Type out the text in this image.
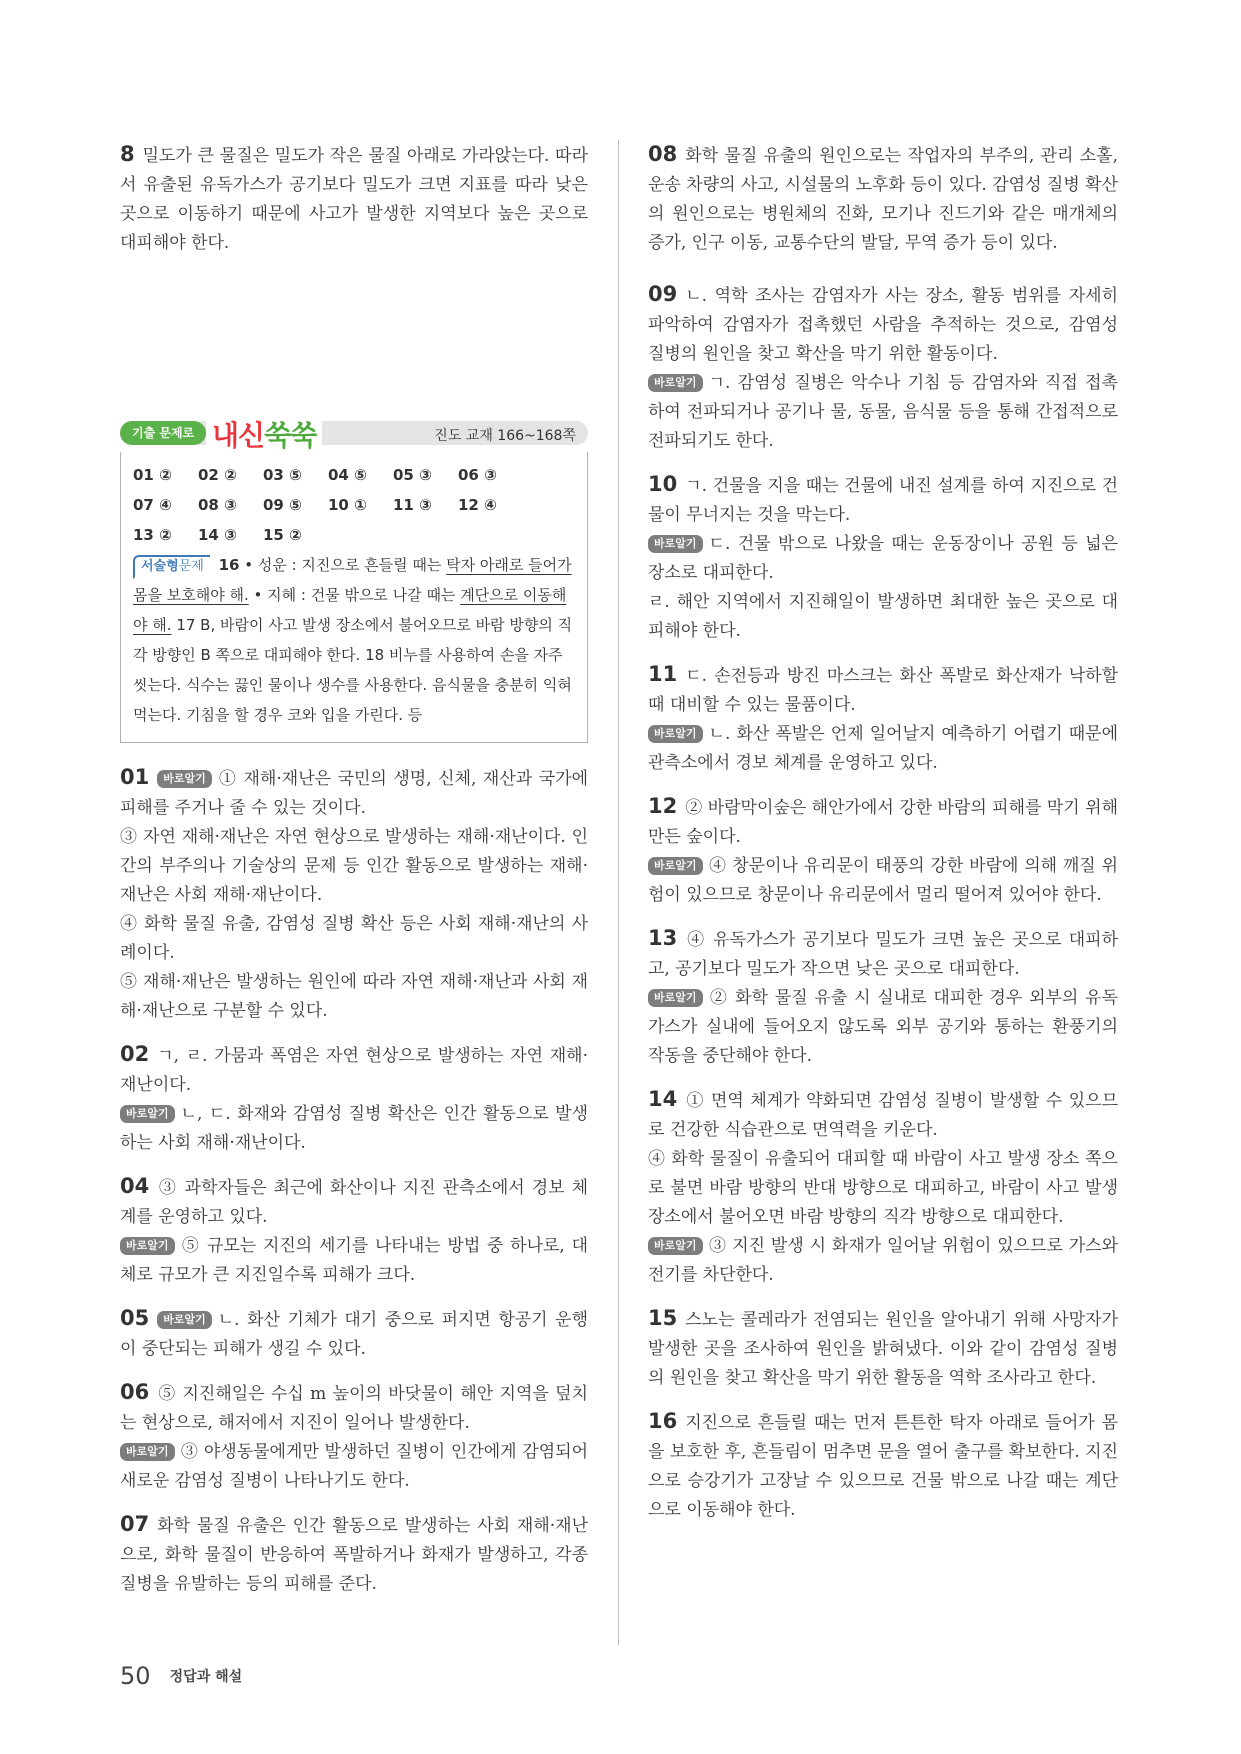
8 밀도가 큰 물질은 밀도가 작은 물질 아래로 가라앉는다. 따라서 유출된 유독가스가 공기보다 밀도가 크면 지표를 따라 낮은 곳으로 이동하기 때문에 사고가 발생한 지역보다 높은 곳으로 대피해야 한다.

기출 문제로 내신쑥쑥	진도 교재 166~168쪽
01 ②	02 ②	03 ⑤	04 ⑤	05 ③	06 ③
07 ④	08 ③	09 ⑤	10 ①	11 ③	12 ④
13 ②	14 ③	15 ②
서술형문제 16 • 성운 : 지진으로 흔들릴 때는 탁자 아래로 들어가 몸을 보호해야 해. • 지혜 : 건물 밖으로 나갈 때는 계단으로 이동해야 해. 17 B, 바람이 사고 발생 장소에서 불어오므로 바람 방향의 직각 방향인 B 쪽으로 대피해야 한다. 18 비누를 사용하여 손을 자주 씻는다. 식수는 끓인 물이나 생수를 사용한다. 음식물을 충분히 익혀 먹는다. 기침을 할 경우 코와 입을 가린다. 등

01 바로알기 ① 재해·재난은 국민의 생명, 신체, 재산과 국가에 피해를 주거나 줄 수 있는 것이다.
③ 자연 재해·재난은 자연 현상으로 발생하는 재해·재난이다. 인간의 부주의나 기술상의 문제 등 인간 활동으로 발생하는 재해·재난은 사회 재해·재난이다.
④ 화학 물질 유출, 감염성 질병 확산 등은 사회 재해·재난의 사례이다.
⑤ 재해·재난은 발생하는 원인에 따라 자연 재해·재난과 사회 재해·재난으로 구분할 수 있다.

02 ㄱ, ㄹ. 가뭄과 폭염은 자연 현상으로 발생하는 자연 재해·재난이다.
바로알기 ㄴ, ㄷ. 화재와 감염성 질병 확산은 인간 활동으로 발생하는 사회 재해·재난이다.

04 ③ 과학자들은 최근에 화산이나 지진 관측소에서 경보 체계를 운영하고 있다.
바로알기 ⑤ 규모는 지진의 세기를 나타내는 방법 중 하나로, 대체로 규모가 큰 지진일수록 피해가 크다.

05 바로알기 ㄴ. 화산 기체가 대기 중으로 퍼지면 항공기 운행이 중단되는 피해가 생길 수 있다.

06 ⑤ 지진해일은 수십 m 높이의 바닷물이 해안 지역을 덮치는 현상으로, 해저에서 지진이 일어나 발생한다.
바로알기 ③ 야생동물에게만 발생하던 질병이 인간에게 감염되어 새로운 감염성 질병이 나타나기도 한다.

07 화학 물질 유출은 인간 활동으로 발생하는 사회 재해·재난으로, 화학 물질이 반응하여 폭발하거나 화재가 발생하고, 각종 질병을 유발하는 등의 피해를 준다.

08 화학 물질 유출의 원인으로는 작업자의 부주의, 관리 소홀, 운송 차량의 사고, 시설물의 노후화 등이 있다. 감염성 질병 확산의 원인으로는 병원체의 진화, 모기나 진드기와 같은 매개체의 증가, 인구 이동, 교통수단의 발달, 무역 증가 등이 있다.

09 ㄴ. 역학 조사는 감염자가 사는 장소, 활동 범위를 자세히 파악하여 감염자가 접촉했던 사람을 추적하는 것으로, 감염성 질병의 원인을 찾고 확산을 막기 위한 활동이다.
바로알기 ㄱ. 감염성 질병은 악수나 기침 등 감염자와 직접 접촉하여 전파되거나 공기나 물, 동물, 음식물 등을 통해 간접적으로 전파되기도 한다.

10 ㄱ. 건물을 지을 때는 건물에 내진 설계를 하여 지진으로 건물이 무너지는 것을 막는다.
바로알기 ㄷ. 건물 밖으로 나왔을 때는 운동장이나 공원 등 넓은 장소로 대피한다.
ㄹ. 해안 지역에서 지진해일이 발생하면 최대한 높은 곳으로 대피해야 한다.

11 ㄷ. 손전등과 방진 마스크는 화산 폭발로 화산재가 낙하할 때 대비할 수 있는 물품이다.
바로알기 ㄴ. 화산 폭발은 언제 일어날지 예측하기 어렵기 때문에 관측소에서 경보 체계를 운영하고 있다.

12 ② 바람막이숲은 해안가에서 강한 바람의 피해를 막기 위해 만든 숲이다.
바로알기 ④ 창문이나 유리문이 태풍의 강한 바람에 의해 깨질 위험이 있으므로 창문이나 유리문에서 멀리 떨어져 있어야 한다.

13 ④ 유독가스가 공기보다 밀도가 크면 높은 곳으로 대피하고, 공기보다 밀도가 작으면 낮은 곳으로 대피한다.
바로알기 ② 화학 물질 유출 시 실내로 대피한 경우 외부의 유독가스가 실내에 들어오지 않도록 외부 공기와 통하는 환풍기의 작동을 중단해야 한다.

14 ① 면역 체계가 약화되면 감염성 질병이 발생할 수 있으므로 건강한 식습관으로 면역력을 키운다.
④ 화학 물질이 유출되어 대피할 때 바람이 사고 발생 장소 쪽으로 불면 바람 방향의 반대 방향으로 대피하고, 바람이 사고 발생 장소에서 불어오면 바람 방향의 직각 방향으로 대피한다.
바로알기 ③ 지진 발생 시 화재가 일어날 위험이 있으므로 가스와 전기를 차단한다.

15 스노는 콜레라가 전염되는 원인을 알아내기 위해 사망자가 발생한 곳을 조사하여 원인을 밝혀냈다. 이와 같이 감염성 질병의 원인을 찾고 확산을 막기 위한 활동을 역학 조사라고 한다.

16 지진으로 흔들릴 때는 먼저 튼튼한 탁자 아래로 들어가 몸을 보호한 후, 흔들림이 멈추면 문을 열어 출구를 확보한다. 지진으로 승강기가 고장날 수 있으므로 건물 밖으로 나갈 때는 계단으로 이동해야 한다.

50 정답과 해설
